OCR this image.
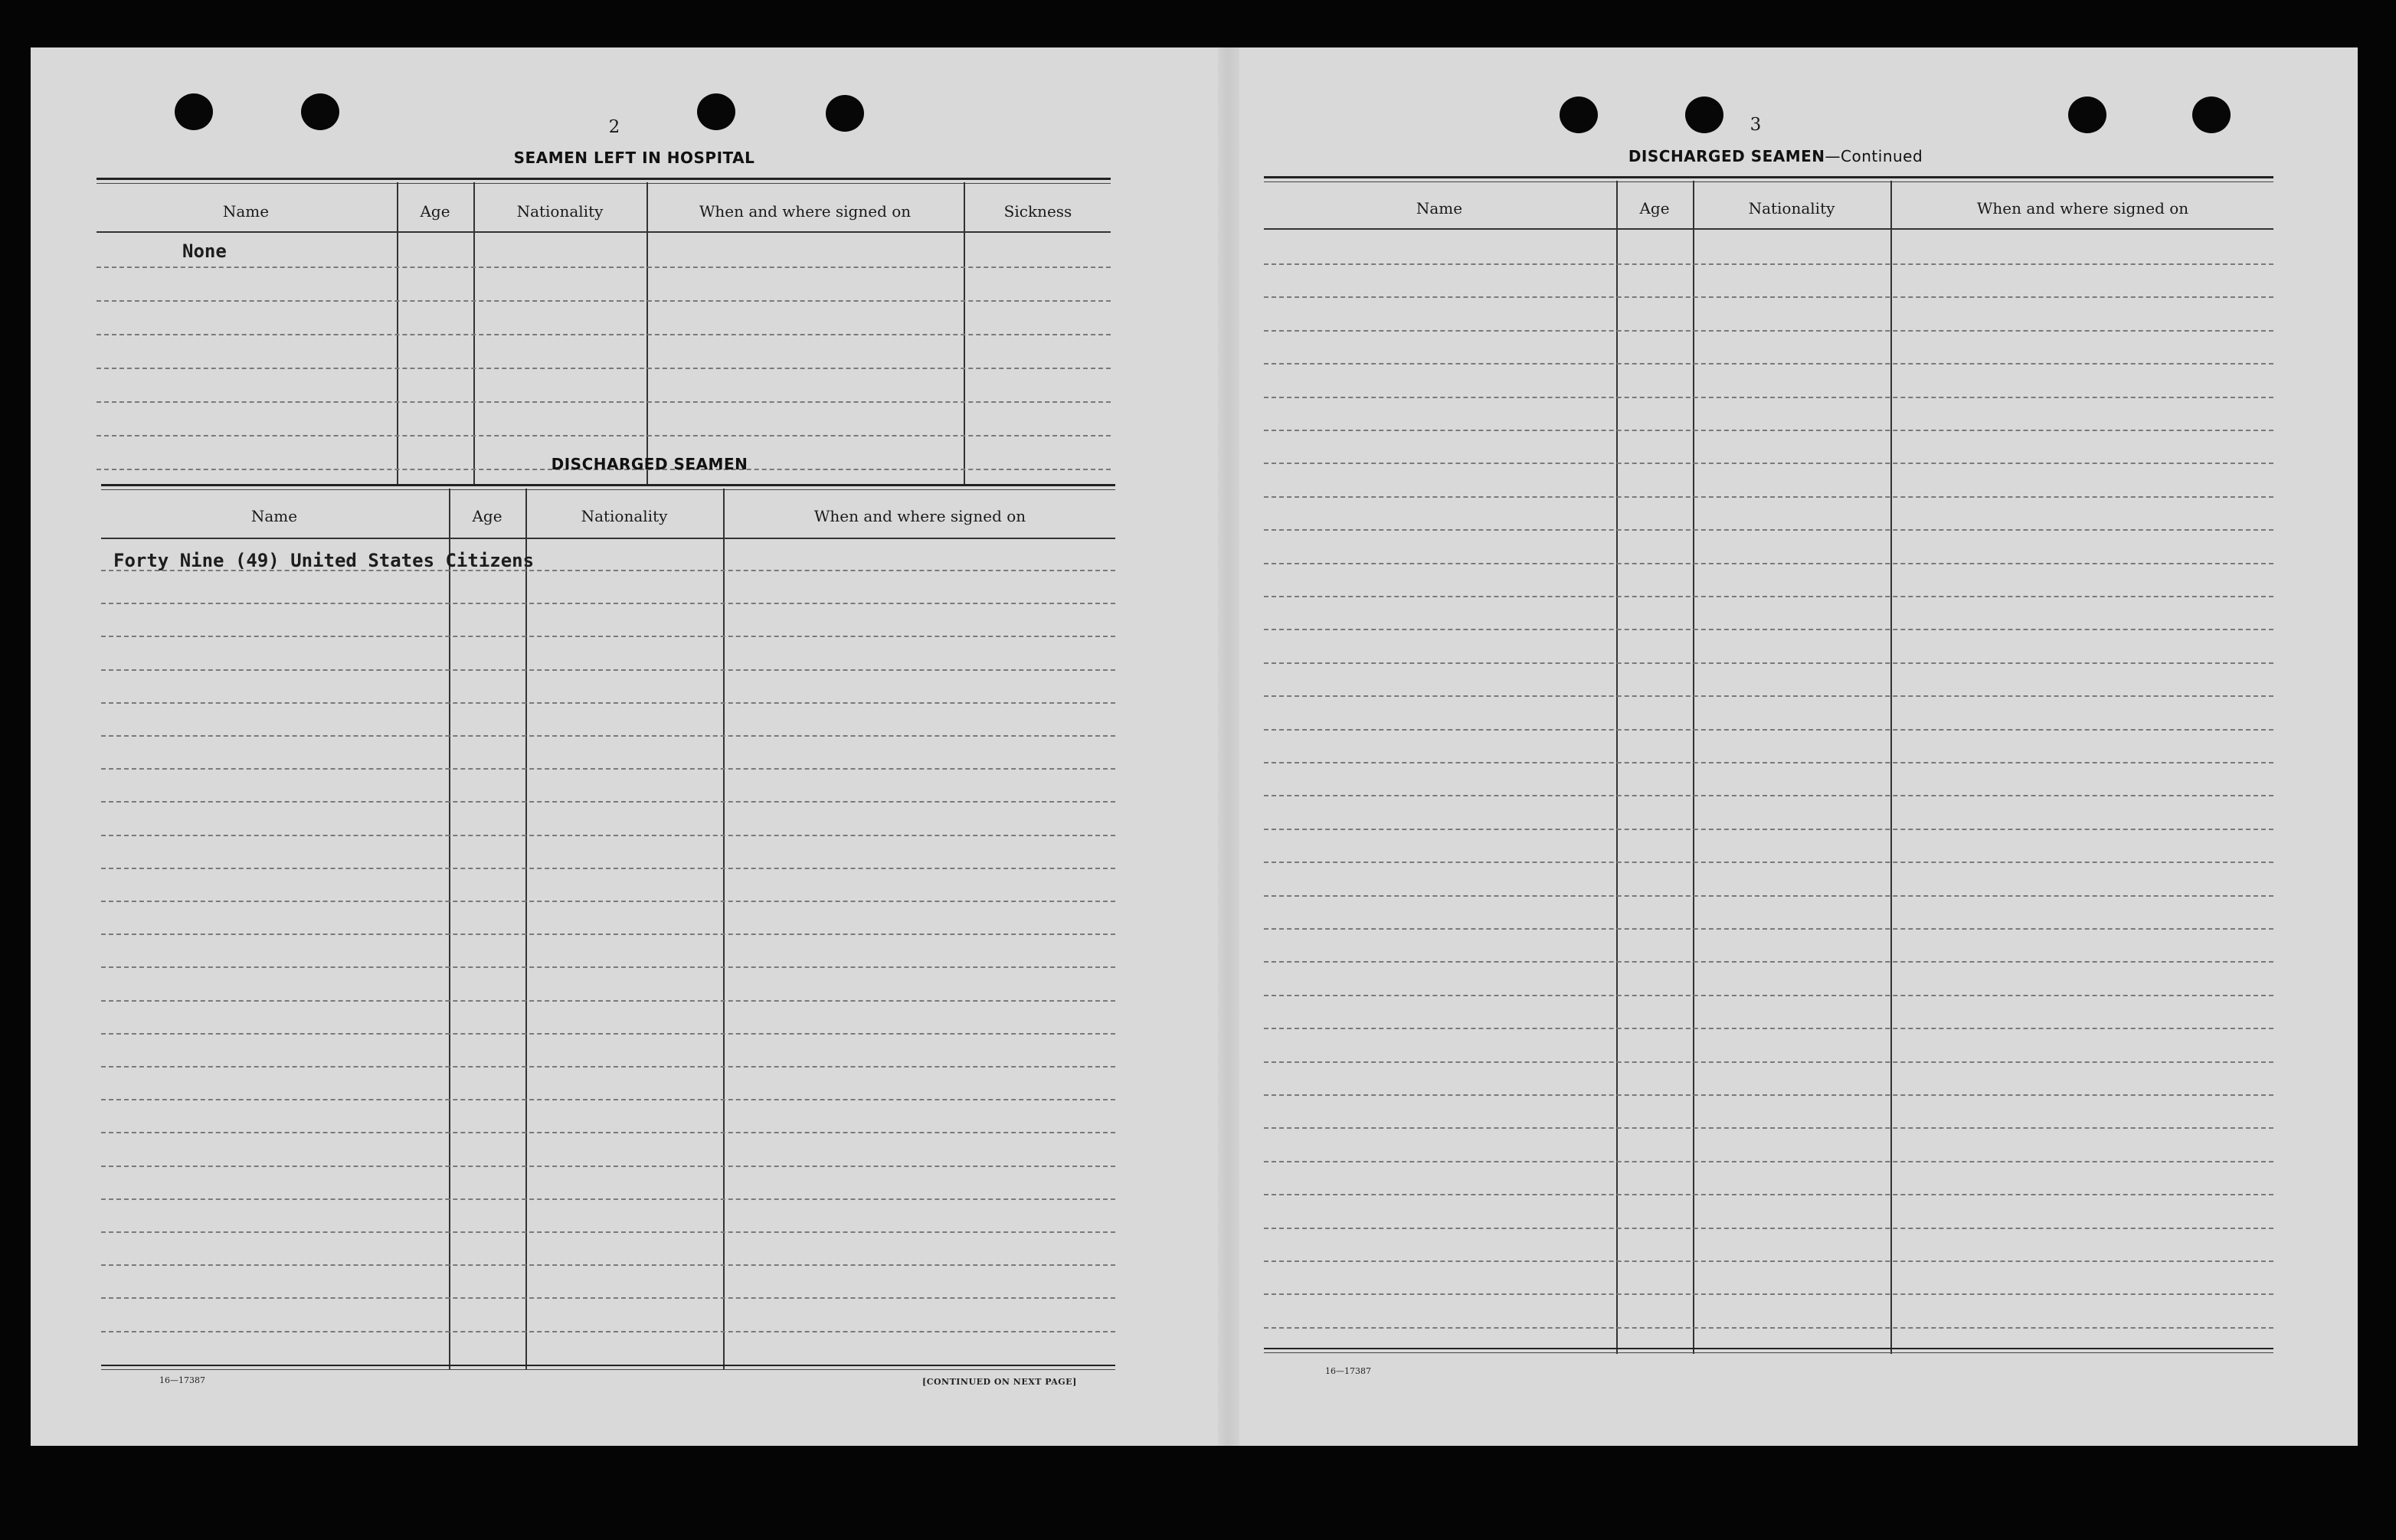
2
SEAMEN LEFT IN HOSPITAL
Name	Age	Nationality	When and where signed on	Sickness
None
DISCHARGED SEAMEN
Name	Age	Nationality	When and where signed on
Forty Nine (49) United States Citizens
16—17387	[CONTINUED ON NEXT PAGE]
3
DISCHARGED SEAMEN—Continued
Name	Age	Nationality	When and where signed on
16—17387
